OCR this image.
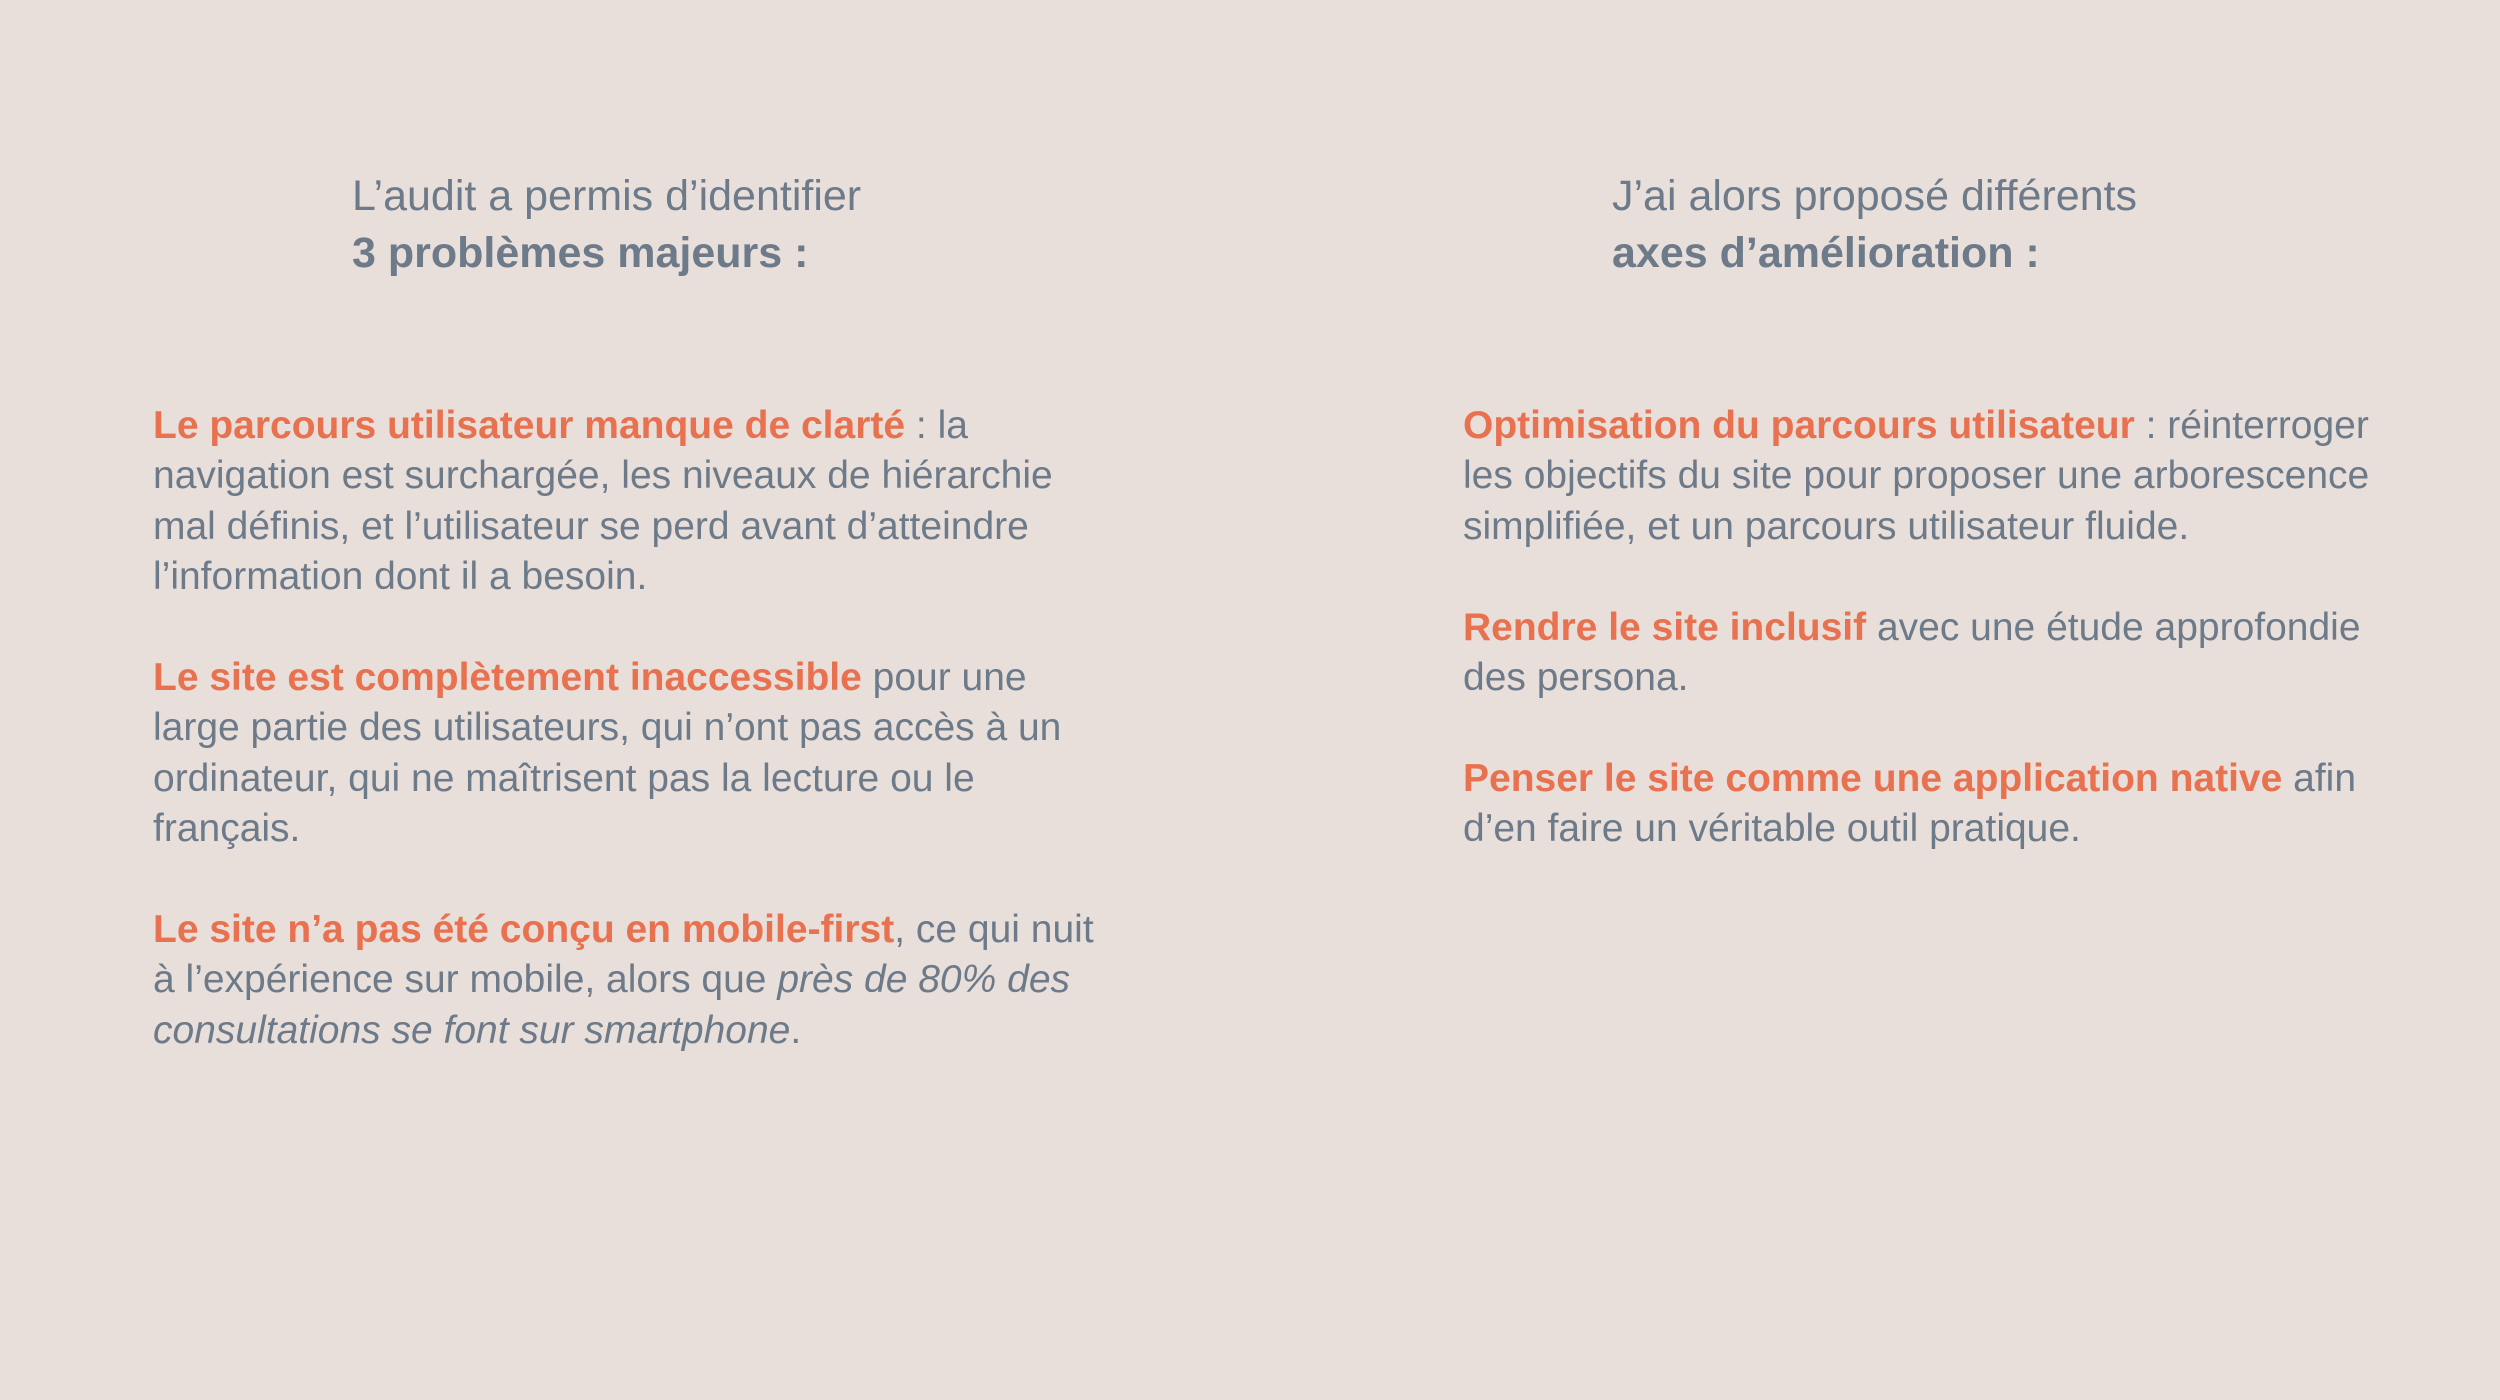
L’audit a permis d’identifier
3 problèmes majeurs :

Le parcours utilisateur manque de clarté : la navigation est surchargée, les niveaux de hiérarchie mal définis, et l’utilisateur se perd avant d’atteindre l’information dont il a besoin.

Le site est complètement inaccessible pour une large partie des utilisateurs, qui n’ont pas accès à un ordinateur, qui ne maîtrisent pas la lecture ou le français.

Le site n’a pas été conçu en mobile-first, ce qui nuit à l’expérience sur mobile, alors que près de 80% des consultations se font sur smartphone.

J’ai alors proposé différents
axes d’amélioration :

Optimisation du parcours utilisateur : réinterroger les objectifs du site pour proposer une arborescence simplifiée, et un parcours utilisateur fluide.

Rendre le site inclusif avec une étude approfondie des persona.

Penser le site comme une application native afin d’en faire un véritable outil pratique.
